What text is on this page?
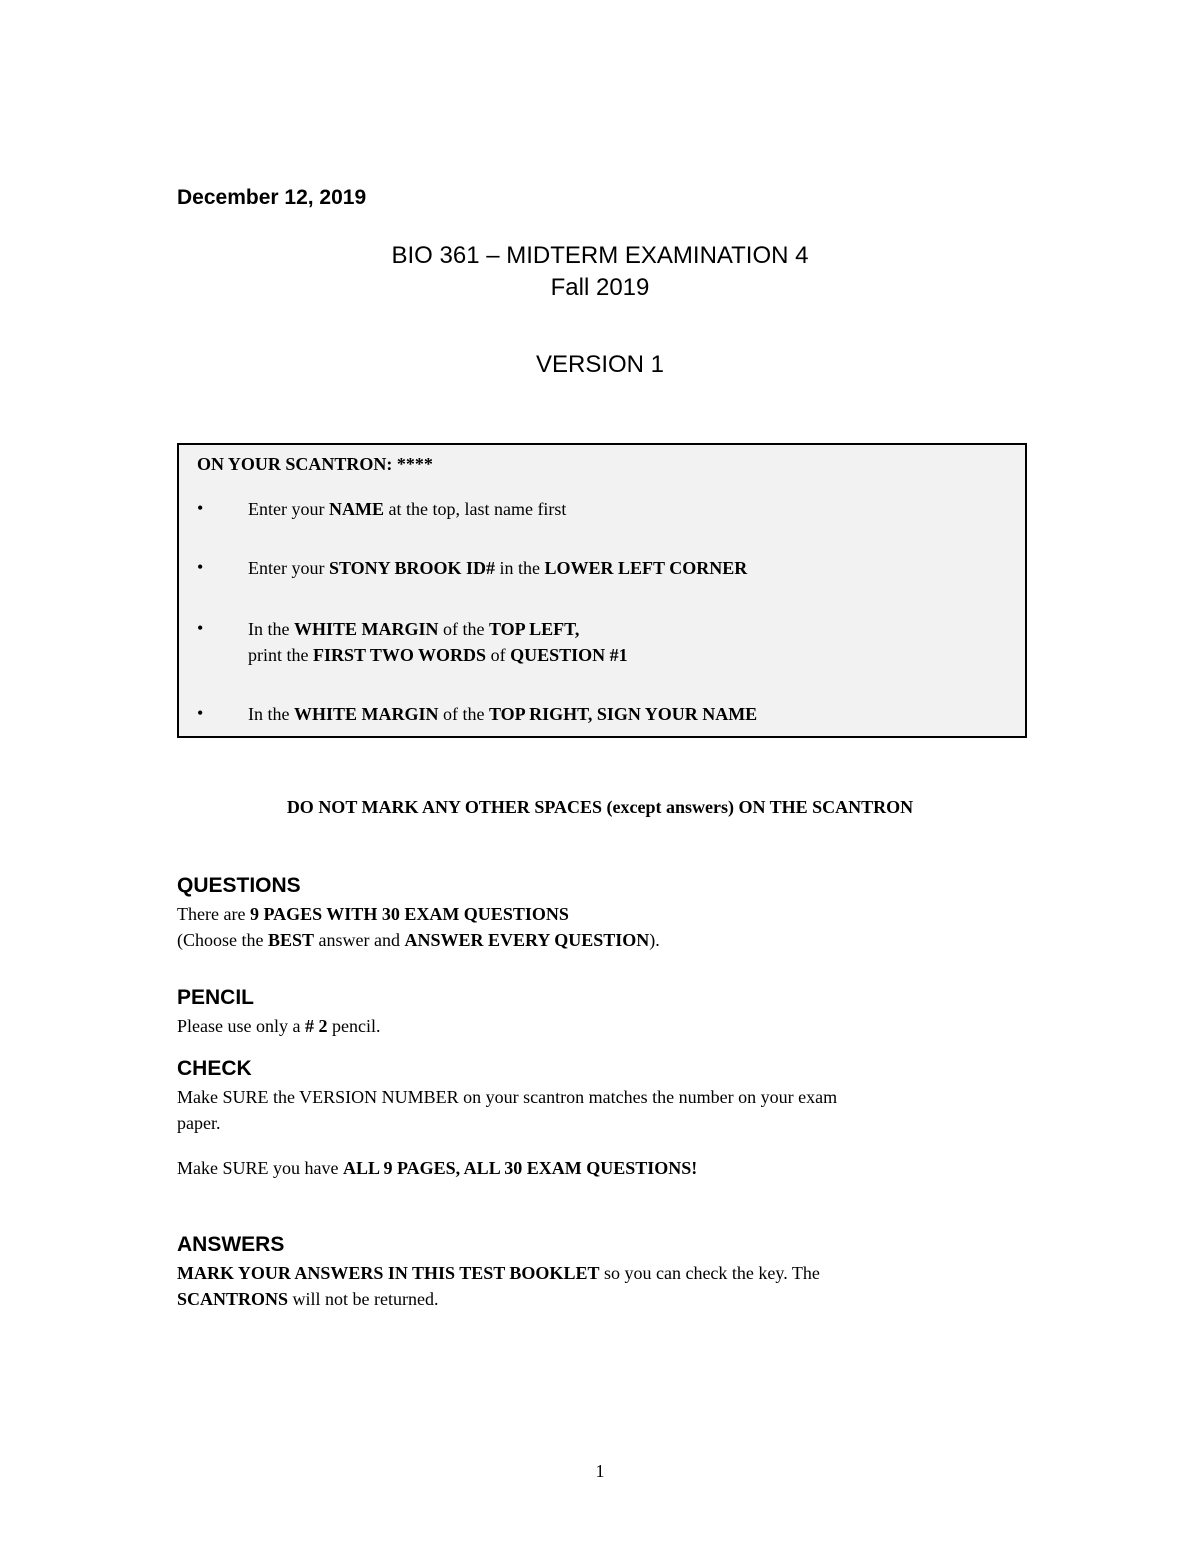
December 12, 2019
BIO 361 – MIDTERM EXAMINATION 4
Fall 2019
VERSION 1
ON YOUR SCANTRON: ****
• Enter your NAME at the top, last name first
• Enter your STONY BROOK ID# in the LOWER LEFT CORNER
• In the WHITE MARGIN of the TOP LEFT,
print the FIRST TWO WORDS of QUESTION #1
• In the WHITE MARGIN of the TOP RIGHT, SIGN YOUR NAME
DO NOT MARK ANY OTHER SPACES (except answers) ON THE SCANTRON
QUESTIONS
There are 9 PAGES WITH 30 EXAM QUESTIONS
(Choose the BEST answer and ANSWER EVERY QUESTION).
PENCIL
Please use only a # 2 pencil.
CHECK
Make SURE the VERSION NUMBER on your scantron matches the number on your exam
paper.
Make SURE you have ALL 9 PAGES, ALL 30 EXAM QUESTIONS!
ANSWERS
MARK YOUR ANSWERS IN THIS TEST BOOKLET so you can check the key. The
SCANTRONS will not be returned.
1
